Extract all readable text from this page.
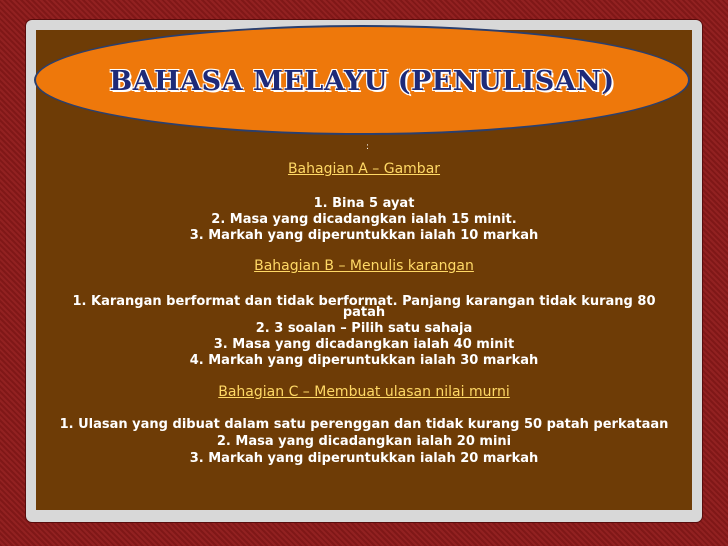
BAHASA MELAYU (PENULISAN)
:
Bahagian A – Gambar
1. Bina 5 ayat
2. Masa yang dicadangkan ialah 15 minit.
3. Markah yang diperuntukkan ialah 10 markah
Bahagian B – Menulis karangan
1. Karangan berformat dan tidak berformat. Panjang karangan tidak kurang 80
patah
2. 3 soalan – Pilih satu sahaja
3. Masa yang dicadangkan ialah 40 minit
4. Markah yang diperuntukkan ialah 30 markah
Bahagian C – Membuat ulasan nilai murni
1. Ulasan yang dibuat dalam satu perenggan dan tidak kurang 50 patah perkataan
2. Masa yang dicadangkan ialah 20 mini
3. Markah yang diperuntukkan ialah 20 markah
